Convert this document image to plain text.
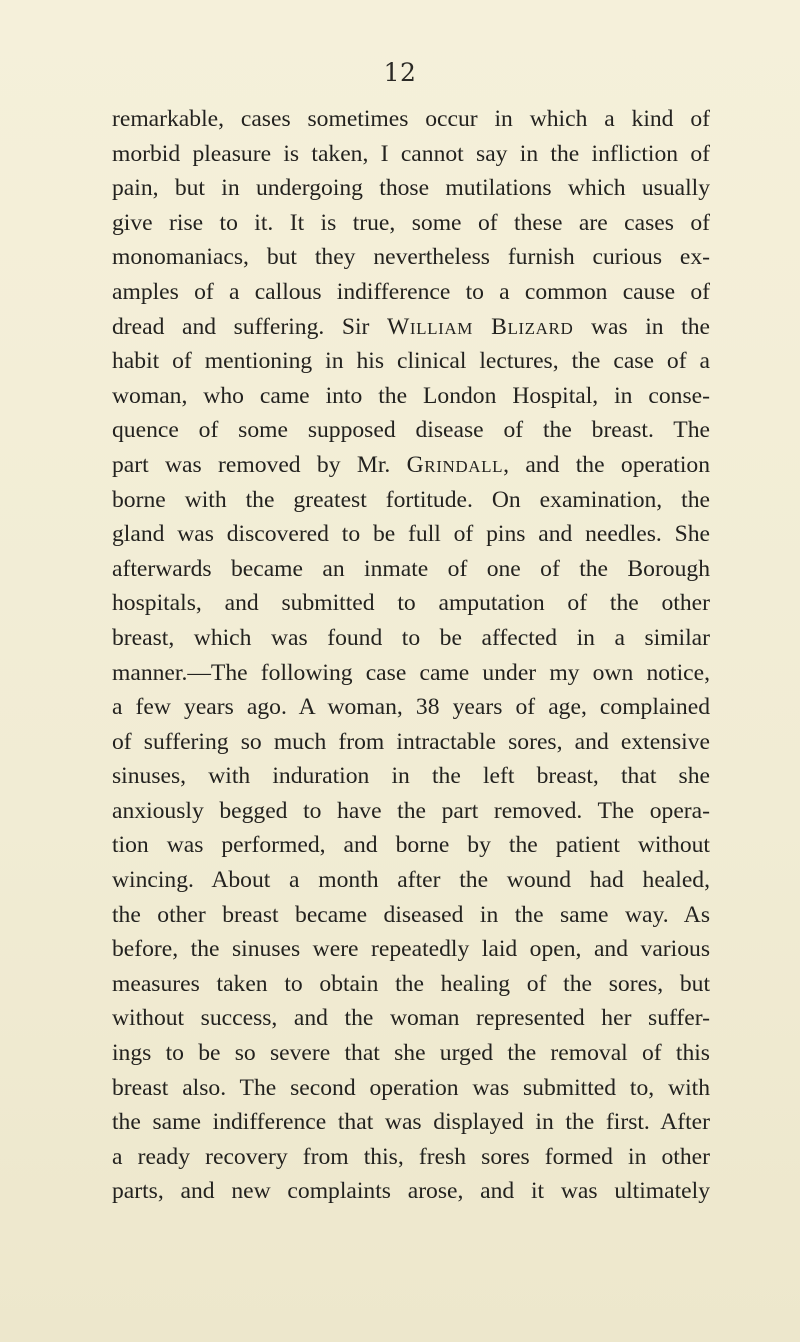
12
remarkable, cases sometimes occur in which a kind of
morbid pleasure is taken, I cannot say in the infliction of
pain, but in undergoing those mutilations which usually
give rise to it. It is true, some of these are cases of
monomaniacs, but they nevertheless furnish curious ex-
amples of a callous indifference to a common cause of
dread and suffering. Sir William Blizard was in the
habit of mentioning in his clinical lectures, the case of a
woman, who came into the London Hospital, in conse-
quence of some supposed disease of the breast. The
part was removed by Mr. Grindall, and the operation
borne with the greatest fortitude. On examination, the
gland was discovered to be full of pins and needles. She
afterwards became an inmate of one of the Borough
hospitals, and submitted to amputation of the other
breast, which was found to be affected in a similar
manner.—The following case came under my own notice,
a few years ago. A woman, 38 years of age, complained
of suffering so much from intractable sores, and extensive
sinuses, with induration in the left breast, that she
anxiously begged to have the part removed. The opera-
tion was performed, and borne by the patient without
wincing. About a month after the wound had healed,
the other breast became diseased in the same way. As
before, the sinuses were repeatedly laid open, and various
measures taken to obtain the healing of the sores, but
without success, and the woman represented her suffer-
ings to be so severe that she urged the removal of this
breast also. The second operation was submitted to, with
the same indifference that was displayed in the first. After
a ready recovery from this, fresh sores formed in other
parts, and new complaints arose, and it was ultimately
